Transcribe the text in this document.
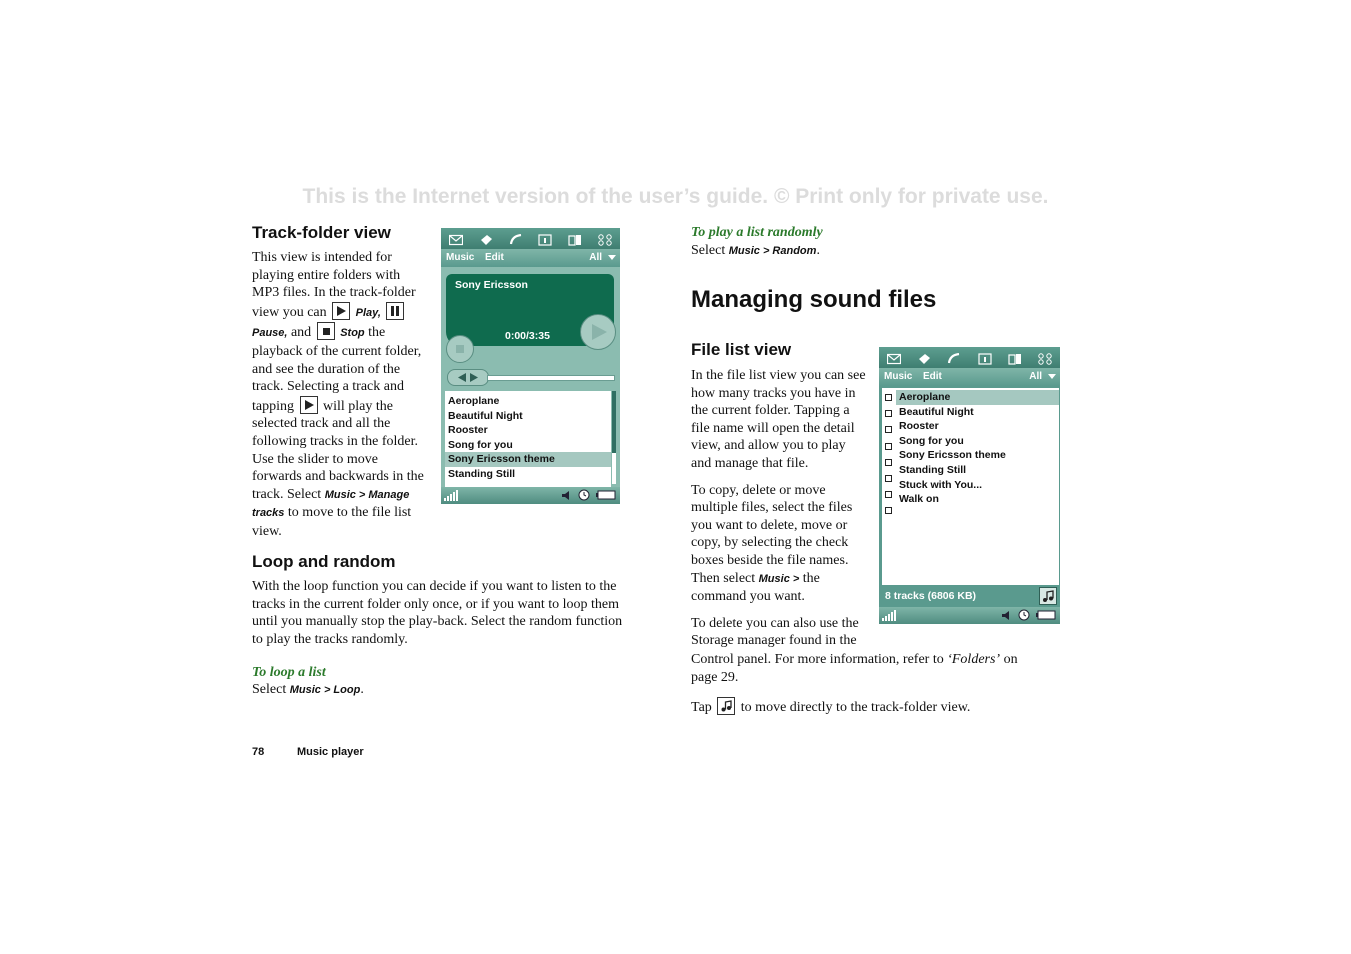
This is the Internet version of the user’s guide. © Print only for private use.
Track-folder view

This view is intended for playing entire folders with MP3 files. In the track-folder view you can	Play,
Pause, and	Stop the playback of the current folder, and see the duration of the track. Selecting a track and tapping will play the selected track and all the following tracks in the folder. Use the slider to move forwards and backwards in the track. Select Music > Manage tracks to move to the file list view.

Music Edit	All
Sony Ericsson
0:00/3:35
Aeroplane
Beautiful Night
Rooster
Song for you
Sony Ericsson theme
Standing Still
Loop and random

With the loop function you can decide if you want to listen to the tracks in the current folder only once, or if you want to loop them until you manually stop the play-back. Select the random function to play the tracks randomly.

To loop a list

Select Music > Loop.

To play a list randomly

Select Music > Random.

Managing sound files
File list view

In the file list view you can see how many tracks you have in the current folder. Tapping a file name will open the detail view, and allow you to play and manage that file.

To copy, delete or move multiple files, select the files you want to delete, move or copy, by selecting the check boxes beside the file names. Then select Music > the command you want.

To delete you can also use the Storage manager found in the

Control panel. For more information, refer to ‘Folders’ on page 29.

Tap to move directly to the track-folder view.

Music Edit	All
Aeroplane
Beautiful Night
Rooster
Song for you
Sony Ericsson theme
Standing Still
Stuck with You...
Walk on
8 tracks (6806 KB)
78	Music player
